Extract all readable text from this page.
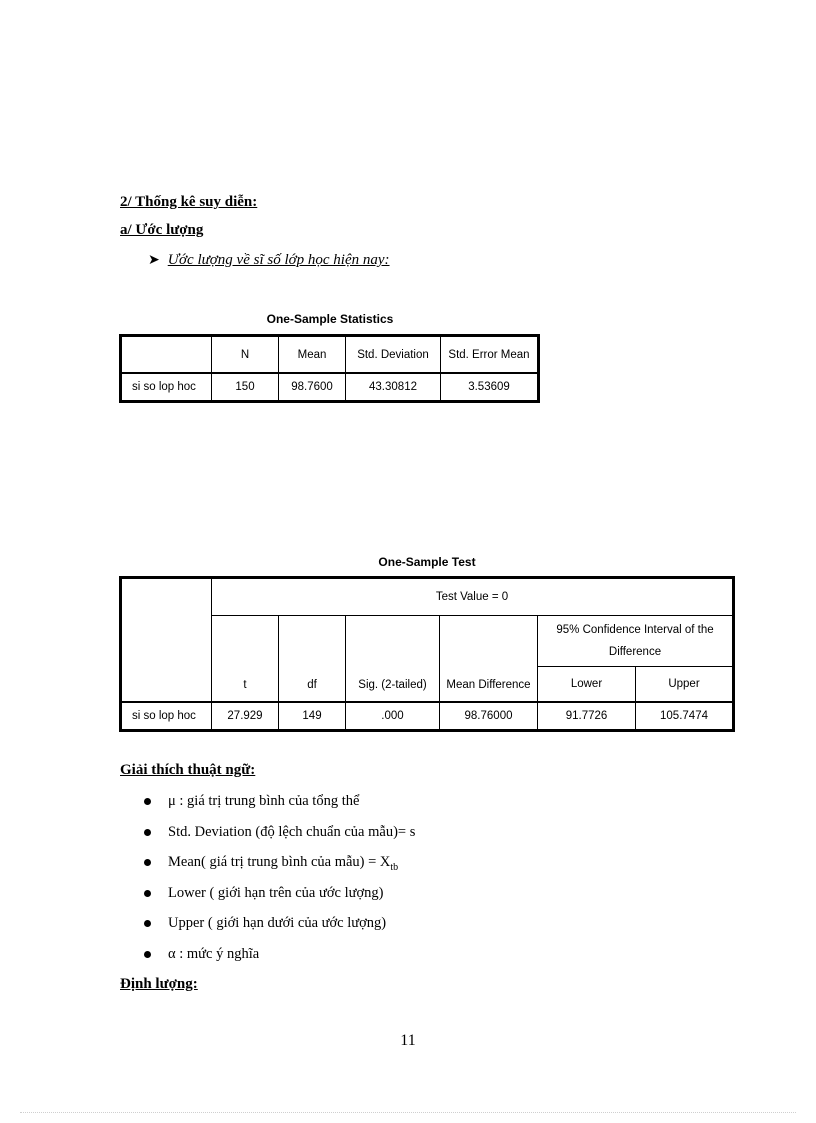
2/ Thống kê suy diễn:
a/ Ước lượng
➤ Ước lượng về sĩ số lớp học hiện nay:
One-Sample Statistics
	N	Mean	Std. Deviation	Std. Error Mean
si so lop hoc	150	98.7600	43.30812	3.53609
One-Sample Test
	Test Value = 0					
	t	df	Sig. (2-tailed)	Mean Difference	95% Confidence Interval of the Difference	
					Lower	Upper
si so lop hoc	27.929	149	.000	98.76000	91.7726	105.7474
Giải thích thuật ngữ:
μ : giá trị trung bình của tổng thể
Std. Deviation (độ lệch chuẩn của mẫu)= s
Mean( giá trị trung bình của mẫu) = $X_{tb}$
Lower ( giới hạn trên của ước lượng)
Upper ( giới hạn dưới của ước lượng)
α : mức ý nghĩa
Định lượng:
11
